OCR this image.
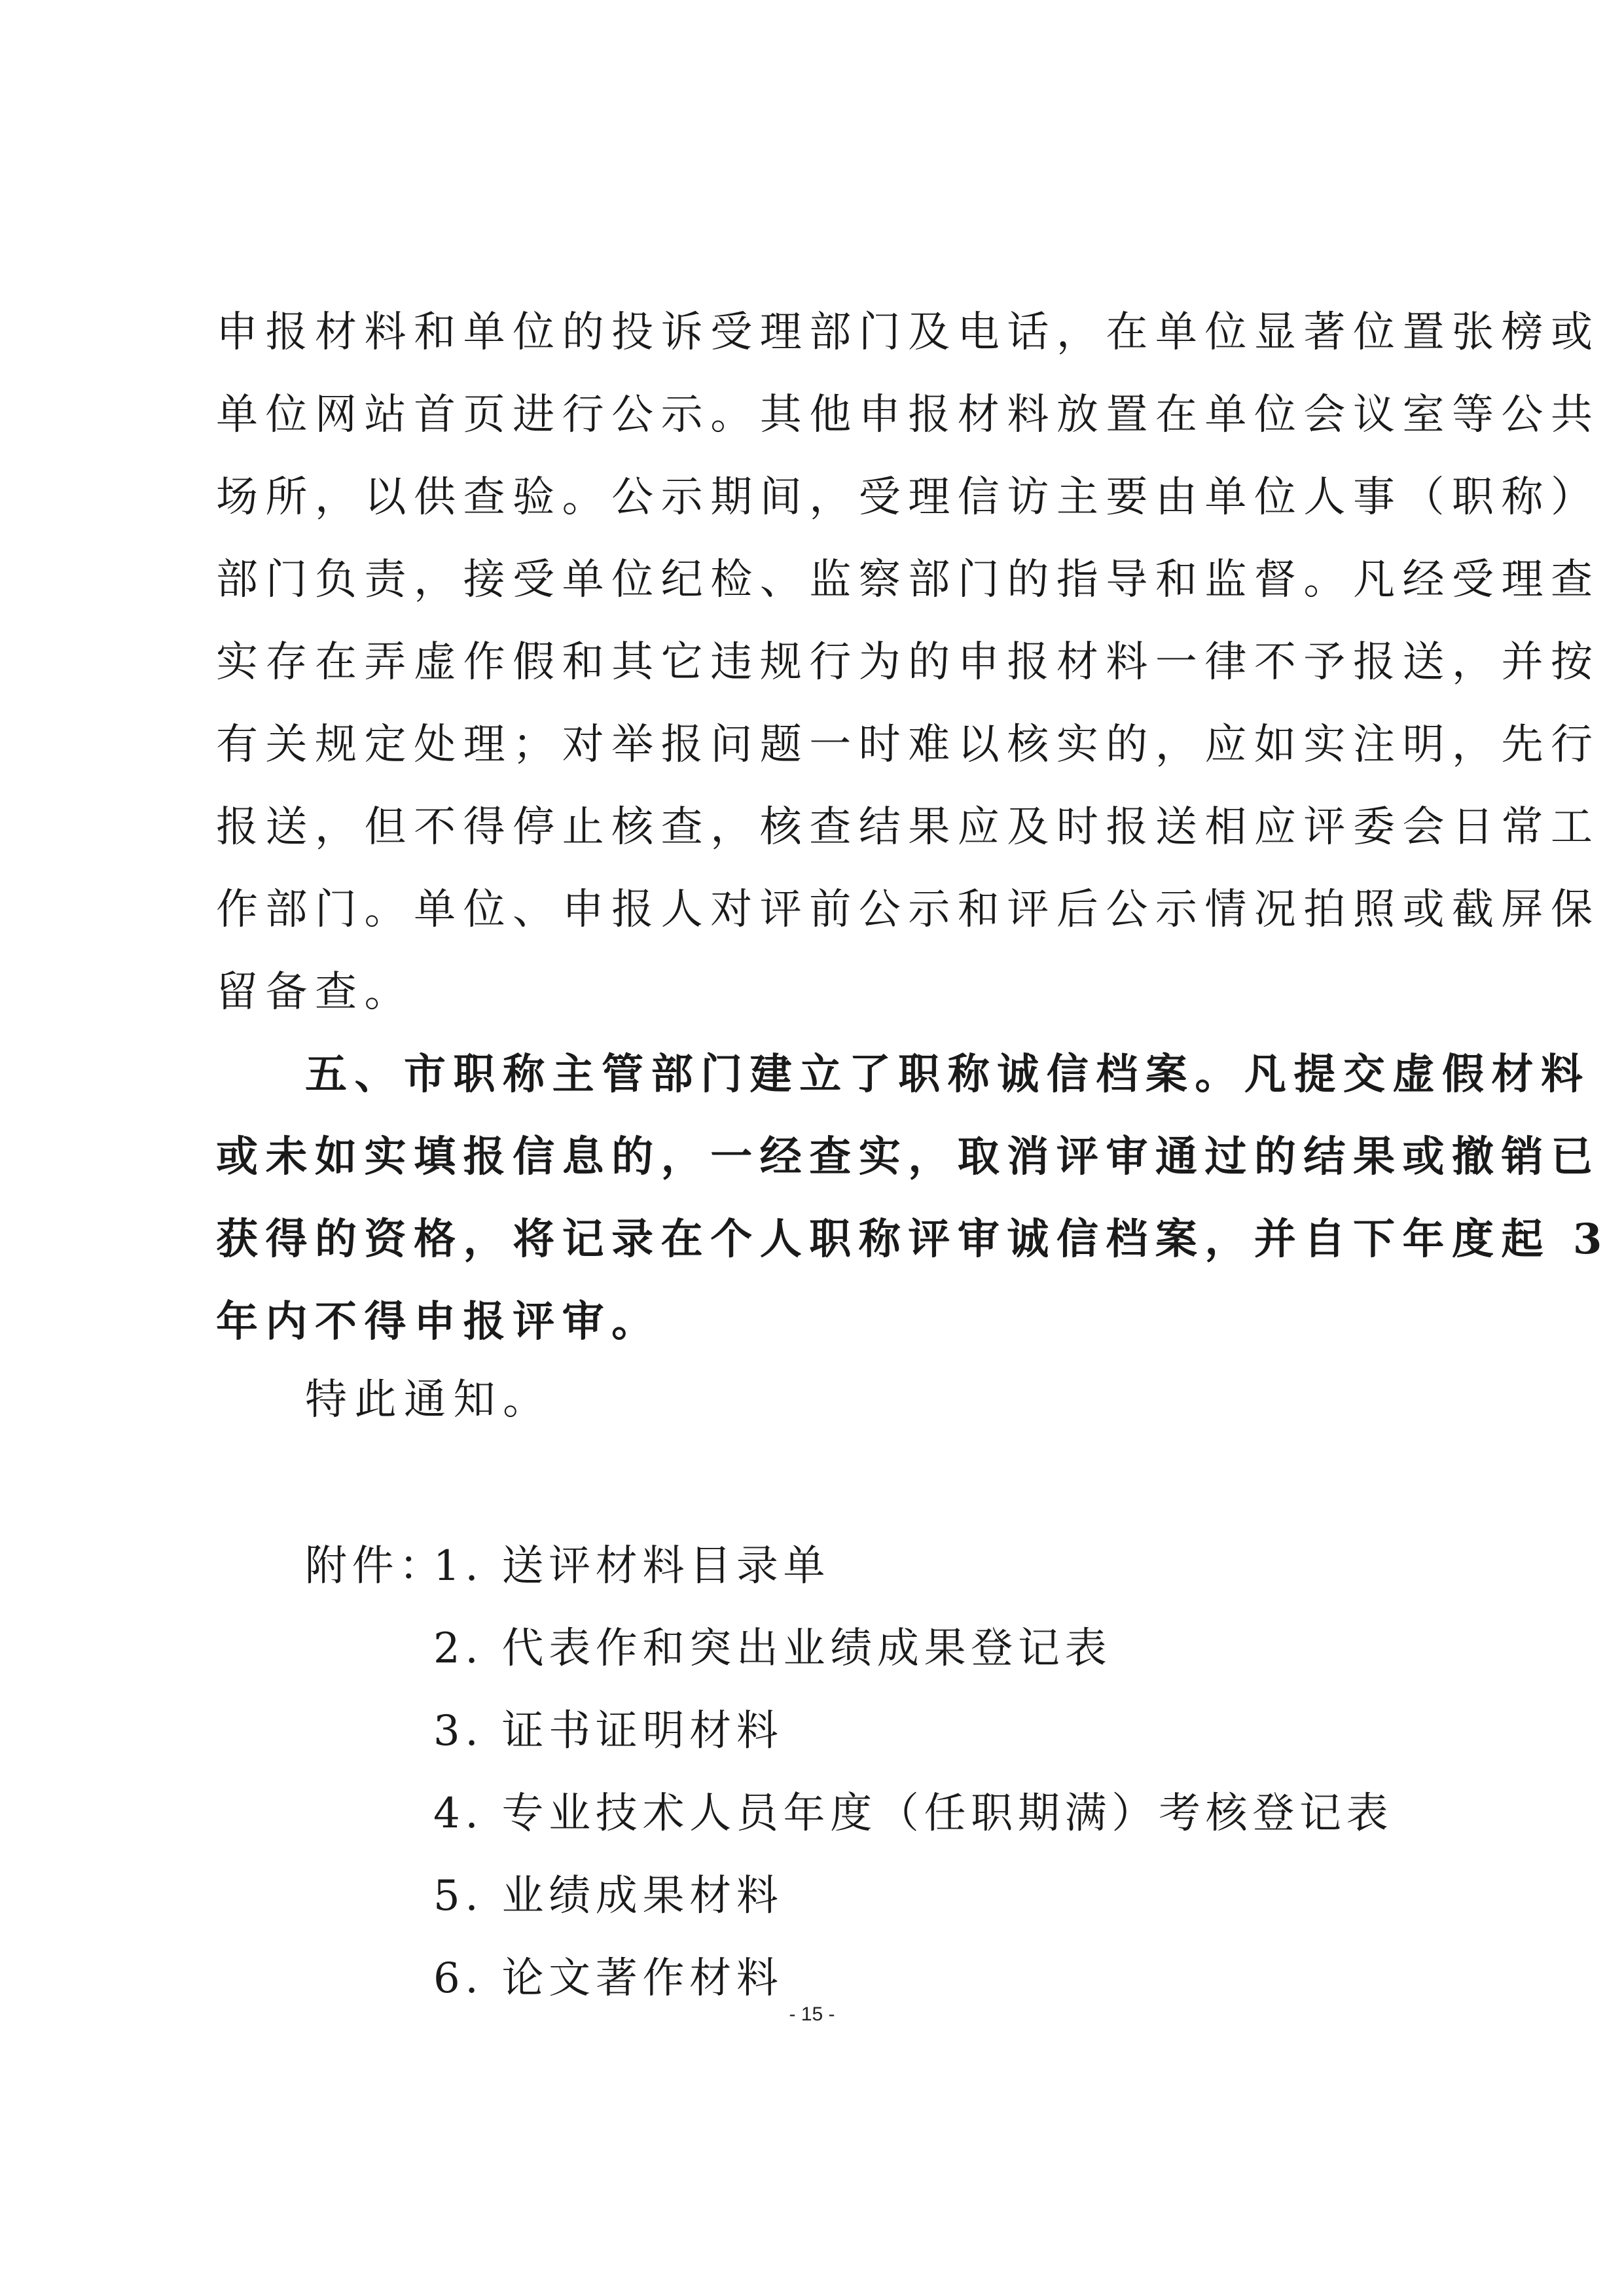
申报材料和单位的投诉受理部门及电话，在单位显著位置张榜或
单位网站首页进行公示。其他申报材料放置在单位会议室等公共
场所，以供查验。公示期间，受理信访主要由单位人事（职称）
部门负责，接受单位纪检、监察部门的指导和监督。凡经受理查
实存在弄虚作假和其它违规行为的申报材料一律不予报送，并按
有关规定处理；对举报问题一时难以核实的，应如实注明，先行
报送，但不得停止核查，核查结果应及时报送相应评委会日常工
作部门。单位、申报人对评前公示和评后公示情况拍照或截屏保
留备查。
五、市职称主管部门建立了职称诚信档案。凡提交虚假材料
或未如实填报信息的，一经查实，取消评审通过的结果或撤销已
获得的资格，将记录在个人职称评审诚信档案，并自下年度起 3
年内不得申报评审。
特此通知。
附件：
1. 送评材料目录单
2. 代表作和突出业绩成果登记表
3. 证书证明材料
4. 专业技术人员年度（任职期满）考核登记表
5. 业绩成果材料
6. 论文著作材料
- 15 -
